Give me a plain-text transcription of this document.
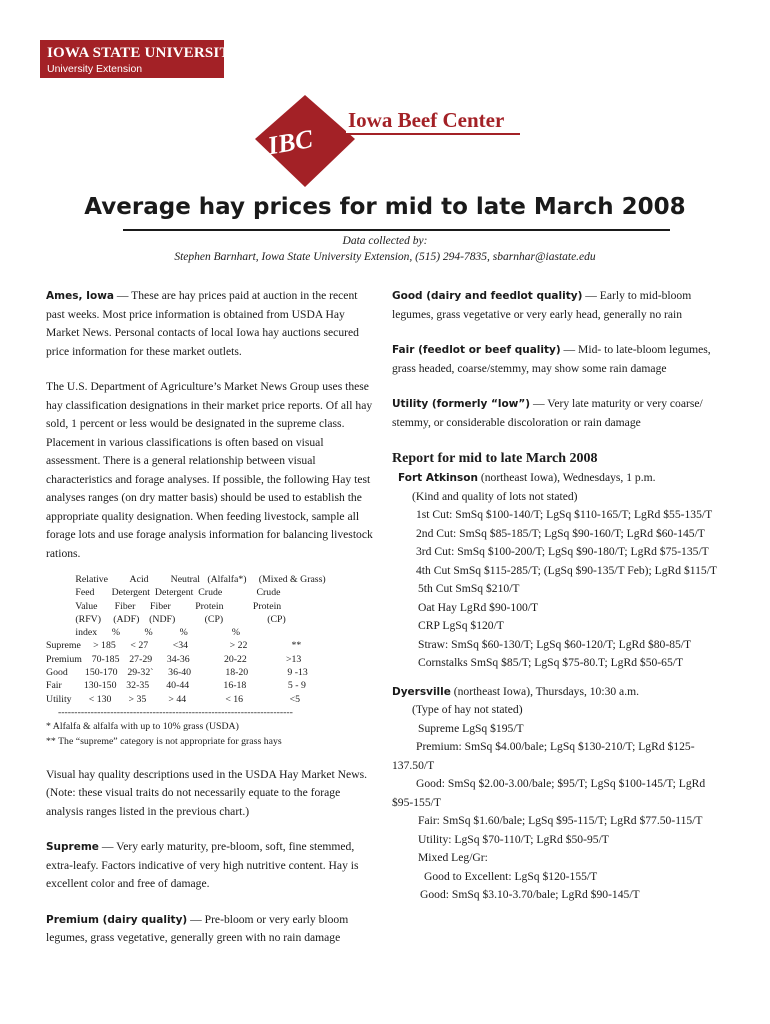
IOWA STATE UNIVERSITY
University Extension
IBC
Iowa Beef Center
Average hay prices for mid to late March 2008
Data collected by:
Stephen Barnhart, Iowa State University Extension, (515) 294-7835, sbarnhar@iastate.edu

Ames, Iowa — These are hay prices paid at auction in the recent past weeks. Most price information is obtained from USDA Hay Market News. Personal contacts of local Iowa hay auctions secured price information for these market outlets.

The U.S. Department of Agriculture’s Market News Group uses these hay classification designations in their market price reports. Of all hay sold, 1 percent or less would be designated in the supreme class. Placement in various classifications is often based on visual assessment. There is a general relationship between visual characteristics and forage analyses. If possible, the following Hay test analyses ranges (on dry matter basis) should be used to establish the appropriate quality designation. When feeding livestock, sample all forage lots and use forage analysis information for balancing livestock rations.

Relative         Acid         Neutral   (Alfalfa*)     (Mixed & Grass)

Feed       Detergent  Detergent  Crude              Crude

Value       Fiber      Fiber          Protein            Protein

(RFV)     (ADF)    (NDF)            (CP)                  (CP)

index      %          %           %                  %

Supreme     > 185      < 27          <34                 > 22                  **

Premium    70-185    27-29      34-36              20-22                >13

Good       150-170    29-32`      36-40              18-20                9 -13

Fair         130-150    32-35       40-44              16-18                 5 - 9

Utility       < 130       > 35         > 44                < 16                   <5

------------------------------------------------------------------------

* Alfalfa & alfalfa with up to 10% grass (USDA)

** The “supreme” category is not appropriate for grass hays

Visual hay quality descriptions used in the USDA Hay Market News. (Note: these visual traits do not necessarily equate to the forage analysis ranges listed in the previous chart.)

Supreme — Very early maturity, pre-bloom, soft, fine stemmed, extra-leafy. Factors indicative of very high nutritive content. Hay is excellent color and free of damage.

Premium (dairy quality) — Pre-bloom or very early bloom legumes, grass vegetative, generally green with no rain damage

Good (dairy and feedlot quality) — Early to mid-bloom legumes, grass vegetative or very early head, generally no rain

Fair (feedlot or beef quality) — Mid- to late-bloom legumes, grass headed, coarse/stemmy, may show some rain damage

Utility (formerly “low”) — Very late maturity or very coarse/ stemmy, or considerable discoloration or rain damage

Report for mid to late March 2008

Fort Atkinson (northeast Iowa), Wednesdays, 1 p.m.

(Kind and quality of lots not stated)

1st Cut: SmSq $100-140/T; LgSq $110-165/T; LgRd $55-135/T

2nd Cut: SmSq $85-185/T; LgSq $90-160/T; LgRd $60-145/T

3rd Cut: SmSq $100-200/T; LgSq $90-180/T; LgRd $75-135/T

4th Cut SmSq $115-285/T; (LgSq $90-135/T Feb); LgRd $115/T

5th Cut SmSq $210/T

Oat Hay LgRd $90-100/T

CRP LgSq $120/T

Straw: SmSq $60-130/T; LgSq $60-120/T; LgRd $80-85/T

Cornstalks SmSq $85/T; LgSq $75-80.T; LgRd $50-65/T

Dyersville (northeast Iowa), Thursdays, 10:30 a.m.

(Type of hay not stated)

Supreme LgSq $195/T

Premium: SmSq $4.00/bale; LgSq $130-210/T; LgRd $125-137.50/T

Good: SmSq $2.00-3.00/bale; $95/T; LgSq $100-145/T; LgRd $95-155/T

Fair: SmSq $1.60/bale; LgSq $95-115/T; LgRd $77.50-115/T

Utility: LgSq $70-110/T; LgRd $50-95/T

Mixed Leg/Gr:

Good to Excellent: LgSq $120-155/T

Good: SmSq $3.10-3.70/bale; LgRd $90-145/T
